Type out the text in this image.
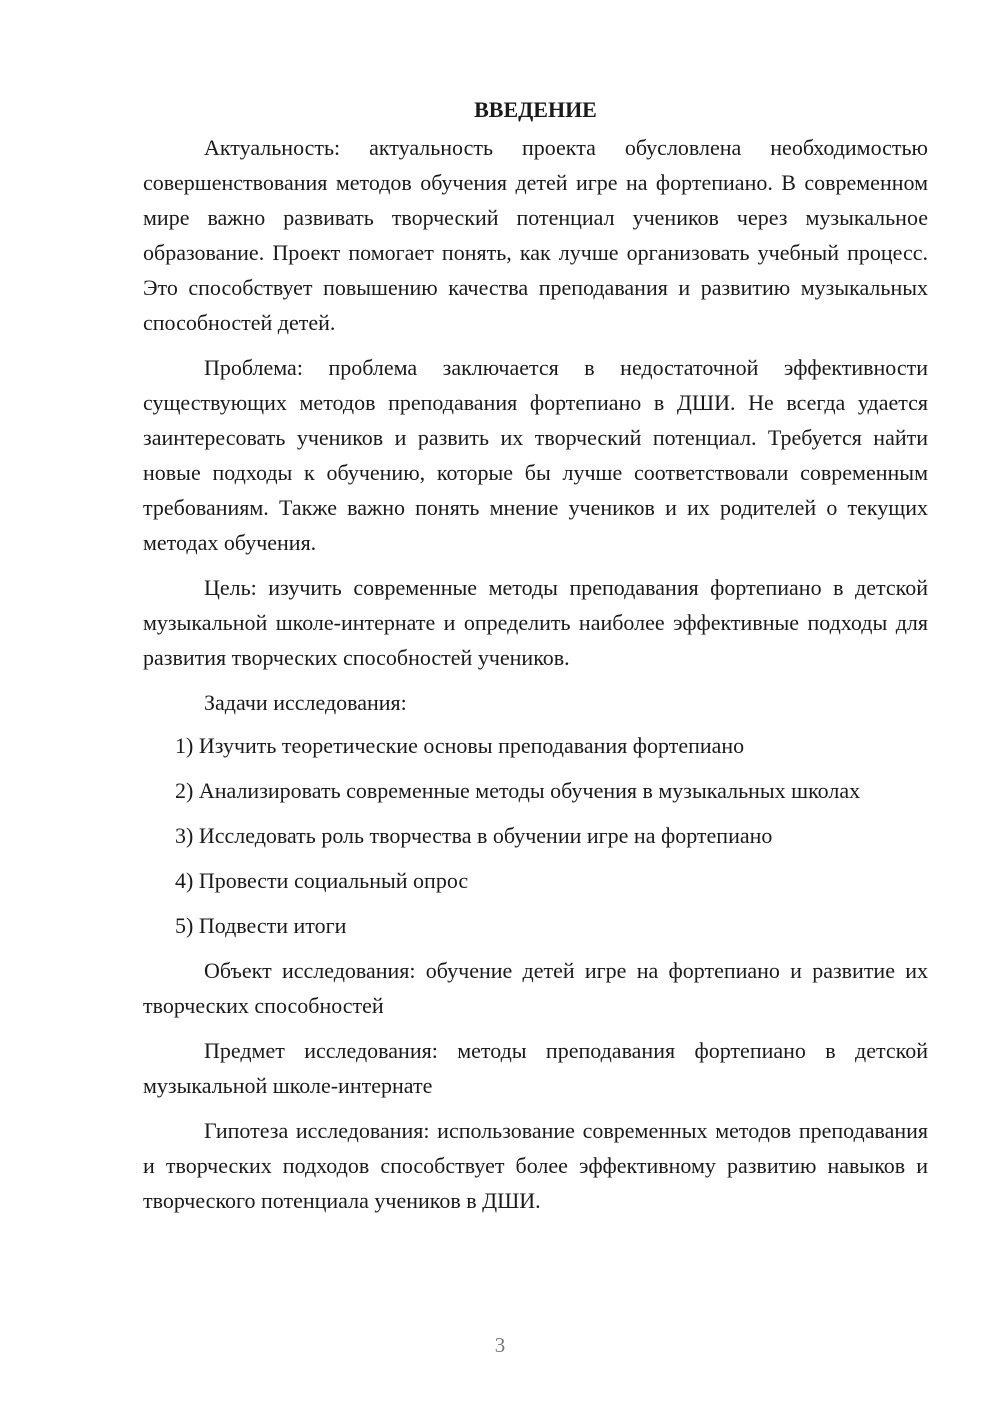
ВВЕДЕНИЕ

Актуальность: актуальность проекта обусловлена необходимостью совершенствования методов обучения детей игре на фортепиано. В современном мире важно развивать творческий потенциал учеников через музыкальное образование. Проект помогает понять, как лучше организовать учебный процесс. Это способствует повышению качества преподавания и развитию музыкальных способностей детей.

Проблема: проблема заключается в недостаточной эффективности существующих методов преподавания фортепиано в ДШИ. Не всегда удается заинтересовать учеников и развить их творческий потенциал. Требуется найти новые подходы к обучению, которые бы лучше соответствовали современным требованиям. Также важно понять мнение учеников и их родителей о текущих методах обучения.

Цель: изучить современные методы преподавания фортепиано в детской музыкальной школе-интернате и определить наиболее эффективные подходы для развития творческих способностей учеников.

Задачи исследования:

1) Изучить теоретические основы преподавания фортепиано

2) Анализировать современные методы обучения в музыкальных школах

3) Исследовать роль творчества в обучении игре на фортепиано

4) Провести социальный опрос

5) Подвести итоги

Объект исследования: обучение детей игре на фортепиано и развитие их творческих способностей

Предмет исследования: методы преподавания фортепиано в детской музыкальной школе-интернате

Гипотеза исследования: использование современных методов преподавания и творческих подходов способствует более эффективному развитию навыков и творческого потенциала учеников в ДШИ.

3
